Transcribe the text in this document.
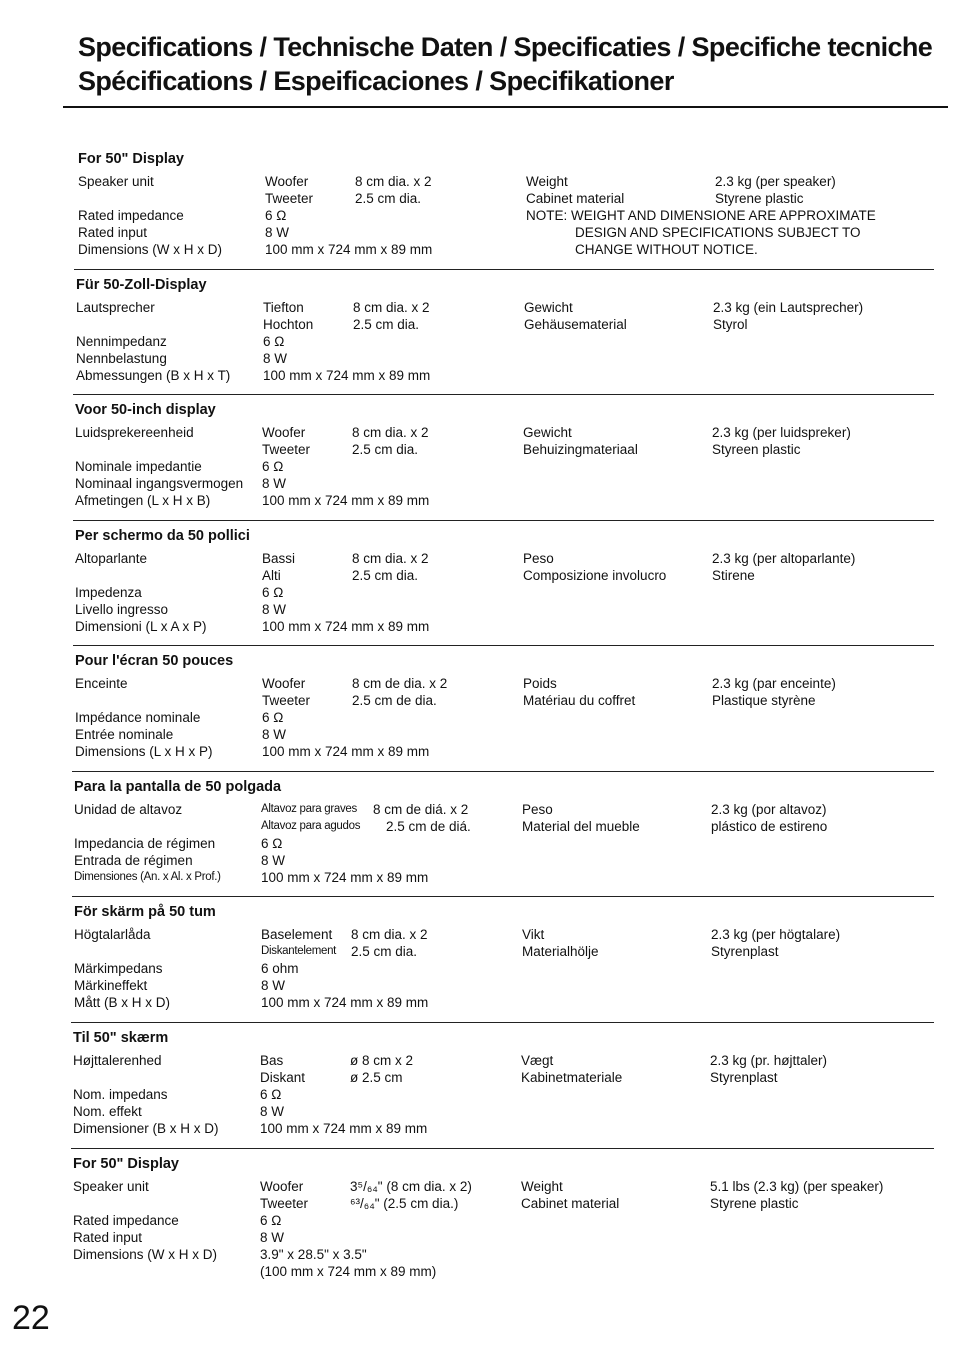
Specifications / Technische Daten / Specificaties / Specifiche tecniche
Spécifications / Espeificaciones / Specifikationer
For 50" Display
Speaker unit	Woofer	8 cm dia. x 2
Tweeter	2.5 cm dia.
Rated impedance	6 Ω
Rated input	8 W
Dimensions (W x H x D)	100 mm x 724 mm x 89 mm
Weight	2.3 kg (per speaker)
Cabinet material	Styrene plastic
NOTE: WEIGHT AND DIMENSIONE ARE APPROXIMATE
DESIGN AND SPECIFICATIONS SUBJECT TO
CHANGE WITHOUT NOTICE.
Für 50-Zoll-Display
Lautsprecher	Tiefton	8 cm dia. x 2
Hochton	2.5 cm dia.
Nennimpedanz	6 Ω
Nennbelastung	8 W
Abmessungen (B x H x T) 100 mm x 724 mm x 89 mm
Gewicht	2.3 kg (ein Lautsprecher)
Gehäusematerial	Styrol
Voor 50-inch display
Luidsprekereenheid	Woofer	8 cm dia. x 2
Tweeter	2.5 cm dia.
Nominale impedantie	6 Ω
Nominaal ingangsvermogen 8 W
Afmetingen (L x H x B)	100 mm x 724 mm x 89 mm
Gewicht	2.3 kg (per luidspreker)
Behuizingmateriaal	Styreen plastic
Per schermo da 50 pollici
Altoparlante	Bassi	8 cm dia. x 2
Alti	2.5 cm dia.
Impedenza	6 Ω
Livello ingresso	8 W
Dimensioni (L x A x P)	100 mm x 724 mm x 89 mm
Peso	2.3 kg (per altoparlante)
Composizione involucro	Stirene
Pour l'écran 50 pouces
Enceinte	Woofer	8 cm de dia. x 2
Tweeter	2.5 cm de dia.
Impédance nominale	6 Ω
Entrée nominale	8 W
Dimensions (L x H x P)	100 mm x 724 mm x 89 mm
Poids	2.3 kg (par enceinte)
Matériau du coffret	Plastique styrène
Para la pantalla de 50 polgada
Unidad de altavoz	Altavoz para graves 8 cm de diá. x 2
Altavoz para agudos 2.5 cm de diá.
Impedancia de régimen	6 Ω
Entrada de régimen	8 W
Dimensiones (An. x Al. x Prof.)	100 mm x 724 mm x 89 mm
Peso	2.3 kg (por altavoz)
Material del mueble	plástico de estireno
För skärm på 50 tum
Högtalarlåda	Baselement 8 cm dia. x 2
Diskantelement 2.5 cm dia.
Märkimpedans	6 ohm
Märkineffekt	8 W
Mått (B x H x D)	100 mm x 724 mm x 89 mm
Vikt	2.3 kg (per högtalare)
Materialhölje	Styrenplast
Til 50" skærm
Højttalerenhed	Bas	ø 8 cm x 2
Diskant	ø 2.5 cm
Nom. impedans	6 Ω
Nom. effekt	8 W
Dimensioner (B x H x D)	100 mm x 724 mm x 89 mm
Vægt	2.3 kg (pr. højttaler)
Kabinetmateriale	Styrenplast
For 50" Display
Speaker unit	Woofer	3⁵/₆₄" (8 cm dia. x 2)
Tweeter	⁶³/₆₄" (2.5 cm dia.)
Rated impedance	6 Ω
Rated input	8 W
Dimensions (W x H x D)	3.9" x 28.5" x 3.5"
(100 mm x 724 mm x 89 mm)
Weight	5.1 lbs (2.3 kg) (per speaker)
Cabinet material	Styrene plastic
22
